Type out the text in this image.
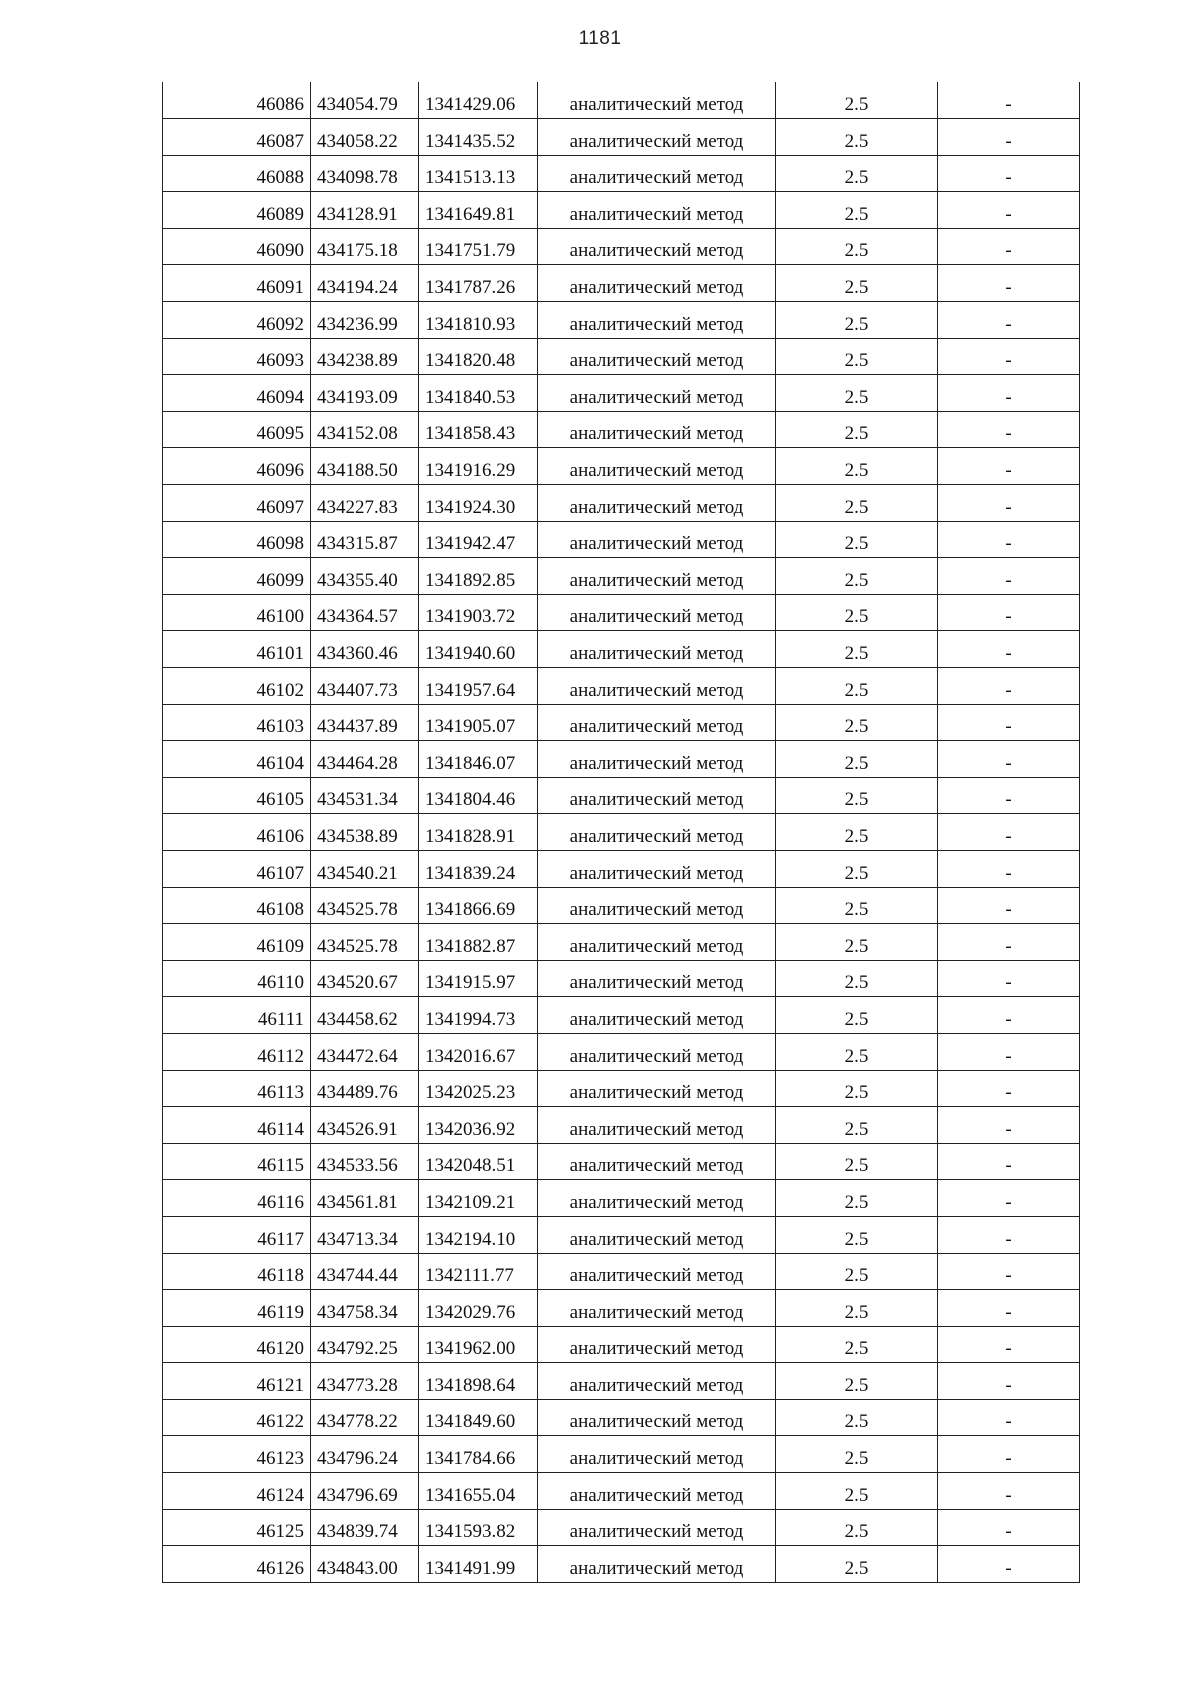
1181
46086	434054.79	1341429.06	аналитический метод	2.5	-
46087	434058.22	1341435.52	аналитический метод	2.5	-
46088	434098.78	1341513.13	аналитический метод	2.5	-
46089	434128.91	1341649.81	аналитический метод	2.5	-
46090	434175.18	1341751.79	аналитический метод	2.5	-
46091	434194.24	1341787.26	аналитический метод	2.5	-
46092	434236.99	1341810.93	аналитический метод	2.5	-
46093	434238.89	1341820.48	аналитический метод	2.5	-
46094	434193.09	1341840.53	аналитический метод	2.5	-
46095	434152.08	1341858.43	аналитический метод	2.5	-
46096	434188.50	1341916.29	аналитический метод	2.5	-
46097	434227.83	1341924.30	аналитический метод	2.5	-
46098	434315.87	1341942.47	аналитический метод	2.5	-
46099	434355.40	1341892.85	аналитический метод	2.5	-
46100	434364.57	1341903.72	аналитический метод	2.5	-
46101	434360.46	1341940.60	аналитический метод	2.5	-
46102	434407.73	1341957.64	аналитический метод	2.5	-
46103	434437.89	1341905.07	аналитический метод	2.5	-
46104	434464.28	1341846.07	аналитический метод	2.5	-
46105	434531.34	1341804.46	аналитический метод	2.5	-
46106	434538.89	1341828.91	аналитический метод	2.5	-
46107	434540.21	1341839.24	аналитический метод	2.5	-
46108	434525.78	1341866.69	аналитический метод	2.5	-
46109	434525.78	1341882.87	аналитический метод	2.5	-
46110	434520.67	1341915.97	аналитический метод	2.5	-
46111	434458.62	1341994.73	аналитический метод	2.5	-
46112	434472.64	1342016.67	аналитический метод	2.5	-
46113	434489.76	1342025.23	аналитический метод	2.5	-
46114	434526.91	1342036.92	аналитический метод	2.5	-
46115	434533.56	1342048.51	аналитический метод	2.5	-
46116	434561.81	1342109.21	аналитический метод	2.5	-
46117	434713.34	1342194.10	аналитический метод	2.5	-
46118	434744.44	1342111.77	аналитический метод	2.5	-
46119	434758.34	1342029.76	аналитический метод	2.5	-
46120	434792.25	1341962.00	аналитический метод	2.5	-
46121	434773.28	1341898.64	аналитический метод	2.5	-
46122	434778.22	1341849.60	аналитический метод	2.5	-
46123	434796.24	1341784.66	аналитический метод	2.5	-
46124	434796.69	1341655.04	аналитический метод	2.5	-
46125	434839.74	1341593.82	аналитический метод	2.5	-
46126	434843.00	1341491.99	аналитический метод	2.5	-
